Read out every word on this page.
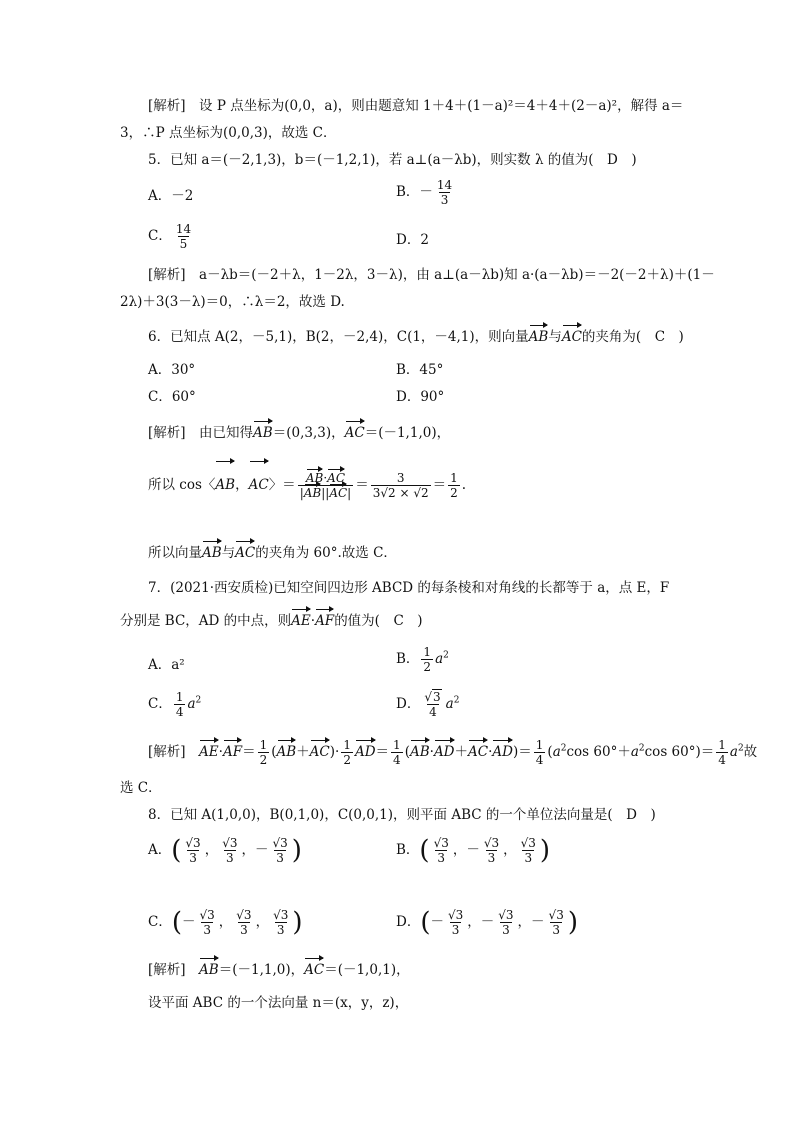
[解析]　设 P 点坐标为(0,0，a)，则由题意知 1＋4＋(1－a)²＝4＋4＋(2－a)²，解得 a＝
3，∴P 点坐标为(0,0,3)，故选 C．
5．已知 a＝(－2,1,3)，b＝(－1,2,1)，若 a⊥(a－λb)，则实数 λ 的值为(　D　)
A．－2	B．－ $\frac{14}{3}$
C． $\frac{14}{5}$	D．2
[解析]　a－λb＝(－2＋λ，1－2λ，3－λ)，由 a⊥(a－λb)知 a·(a－λb)＝－2(－2＋λ)＋(1－
2λ)＋3(3－λ)＝0，∴λ＝2，故选 D.
6．已知点 A(2，－5,1)，B(2，－2,4)，C(1，－4,1)，则向量AB与AC的夹角为(　C　)
A．30°	B．45°
C．60°	D．90°
[解析]　由已知得AB＝(0,3,3)，AC＝(－1,1,0)，
所以 cos〈AB，AC〉＝ $\frac{AB\cdot AC}{|AB||AC|} = \frac{3}{3√2 \times √2} = \frac{1}{2}$ .
所以向量AB与AC的夹角为 60°.故选 C．
7．(2021·西安质检)已知空间四边形 ABCD 的每条棱和对角线的长都等于 a，点 E，F
分别是 BC，AD 的中点，则AE·AF的值为(　C　)
A．a²	B． $\frac{1}{2} a^2$
C． $\frac{1}{4} a^2$	D． $\frac{√3}{4} a^2$
[解析]　 $AE\cdot AF= \frac{1}{2} (AB+AC)\cdot \frac{1}{2} AD= \frac{1}{4} (AB\cdot AD+AC\cdot AD)= \frac{1}{4} (a^2\cos$ $60^\circ+a^2\cos$ $60^\circ)= \frac{1}{4} a^2$故
选 C．
8．已知 A(1,0,0)，B(0,1,0)，C(0,0,1)，则平面 ABC 的一个单位法向量是(　D　)
A．( $\frac{√3}{3}$ ， $\frac{√3}{3}$ ，－ $\frac{√3}{3}$ )	B．( $\frac{√3}{3}$ ，－ $\frac{√3}{3}$ ， $\frac{√3}{3}$ )
C．(－ $\frac{√3}{3}$ ， $\frac{√3}{3}$ ， $\frac{√3}{3}$ )	D．(－ $\frac{√3}{3}$ ，－ $\frac{√3}{3}$ ，－ $\frac{√3}{3}$ )
[解析]　 AB＝(－1,1,0)，AC＝(－1,0,1)，
设平面 ABC 的一个法向量 n＝(x，y，z)，
